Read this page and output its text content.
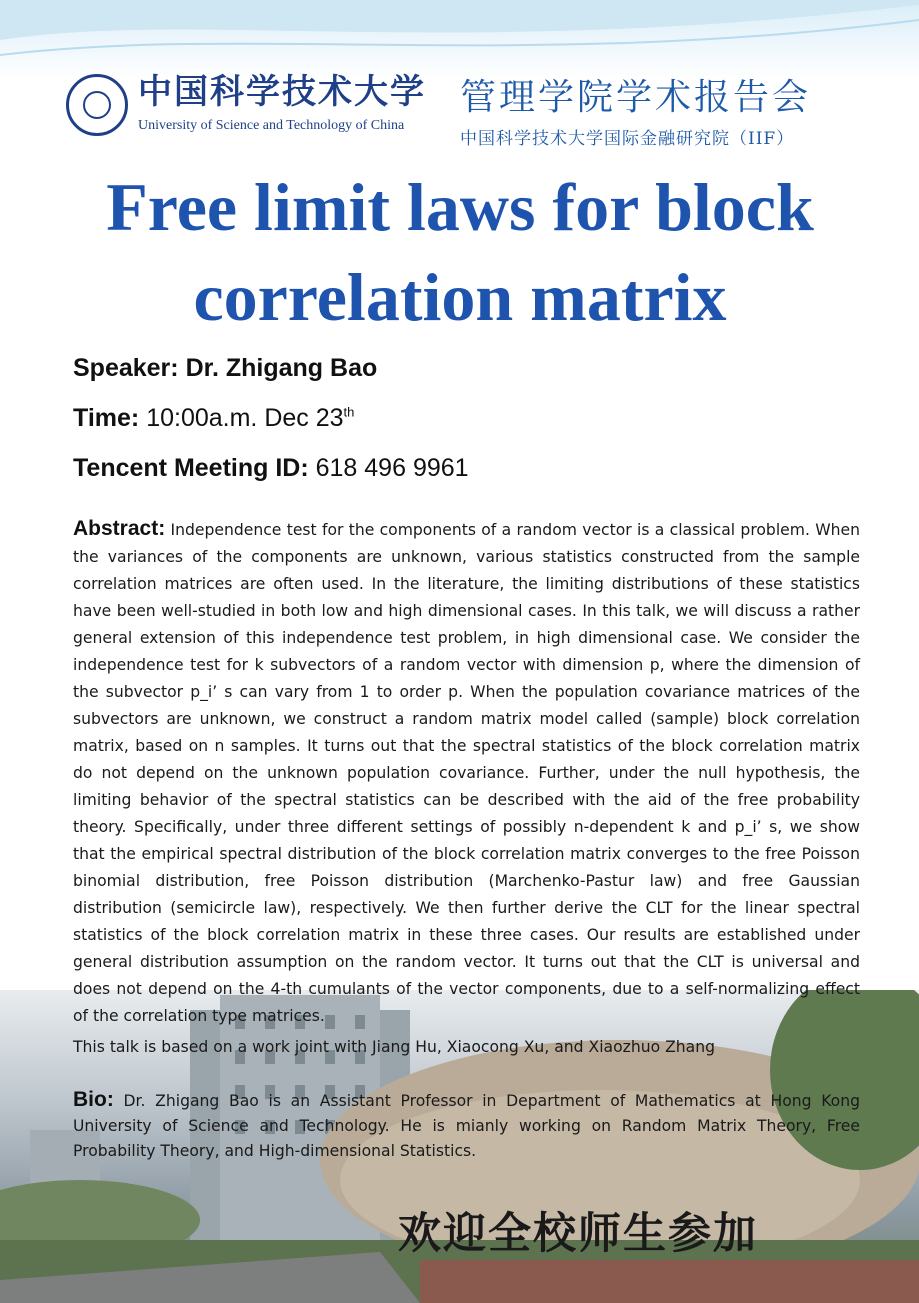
中国科学技术大学
University of Science and Technology of China
管理学院学术报告会
中国科学技术大学国际金融研究院（IIF）
Free limit laws for block
correlation matrix
Speaker: Dr. Zhigang Bao
Time: 10:00a.m. Dec 23th
Tencent Meeting ID: 618 496 9961

Abstract: Independence test for the components of a random vector is a classical problem. When the variances of the components are unknown, various statistics constructed from the sample correlation matrices are often used. In the literature, the limiting distributions of these statistics have been well-studied in both low and high dimensional cases. In this talk, we will discuss a rather general extension of this independence test problem, in high dimensional case. We consider the independence test for k subvectors of a random vector with dimension p, where the dimension of the subvector p_i’ s can vary from 1 to order p. When the population covariance matrices of the subvectors are unknown, we construct a random matrix model called (sample) block correlation matrix, based on n samples. It turns out that the spectral statistics of the block correlation matrix do not depend on the unknown population covariance. Further, under the null hypothesis, the limiting behavior of the spectral statistics can be described with the aid of the free probability theory. Specifically, under three different settings of possibly n-dependent k and p_i’ s, we show that the empirical spectral distribution of the block correlation matrix converges to the free Poisson binomial distribution, free Poisson distribution (Marchenko-Pastur law) and free Gaussian distribution (semicircle law), respectively. We then further derive the CLT for the linear spectral statistics of the block correlation matrix in these three cases. Our results are established under general distribution assumption on the random vector. It turns out that the CLT is universal and does not depend on the 4-th cumulants of the vector components, due to a self-normalizing effect of the correlation type matrices.

This talk is based on a work joint with Jiang Hu, Xiaocong Xu, and Xiaozhuo Zhang

Bio: Dr. Zhigang Bao is an Assistant Professor in Department of Mathematics at Hong Kong University of Science and Technology. He is mianly working on Random Matrix Theory, Free Probability Theory, and High-dimensional Statistics.

欢迎全校师生参加
